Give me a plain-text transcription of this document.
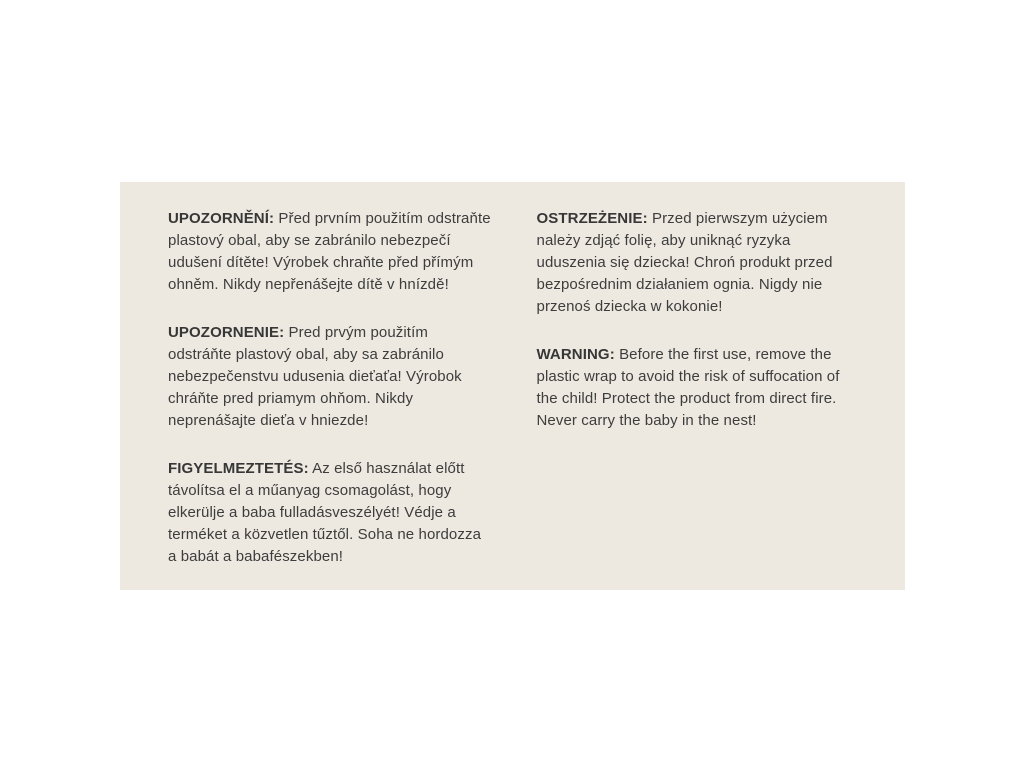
UPOZORNĚNÍ: Před prvním použitím odstraňte plastový obal, aby se zabránilo nebezpečí udušení dítěte! Výrobek chraňte před přímým ohněm. Nikdy nepřenášejte dítě v hnízdě!

UPOZORNENIE: Pred prvým použitím odstráňte plastový obal, aby sa zabránilo nebezpečenstvu udusenia dieťaťa! Výrobok chráňte pred priamym ohňom. Nikdy neprenášajte dieťa v hniezde!

FIGYELMEZTETÉS: Az első használat előtt távolítsa el a műanyag csomagolást, hogy elkerülje a baba fulladásveszélyét! Védje a terméket a közvetlen tűztől. Soha ne hordozza a babát a babafészekben!

OSTRZEŻENIE: Przed pierwszym użyciem należy zdjąć folię, aby uniknąć ryzyka uduszenia się dziecka! Chroń produkt przed bezpośrednim działaniem ognia. Nigdy nie przenoś dziecka w kokonie!

WARNING: Before the first use, remove the plastic wrap to avoid the risk of suffocation of the child! Protect the product from direct fire. Never carry the baby in the nest!
